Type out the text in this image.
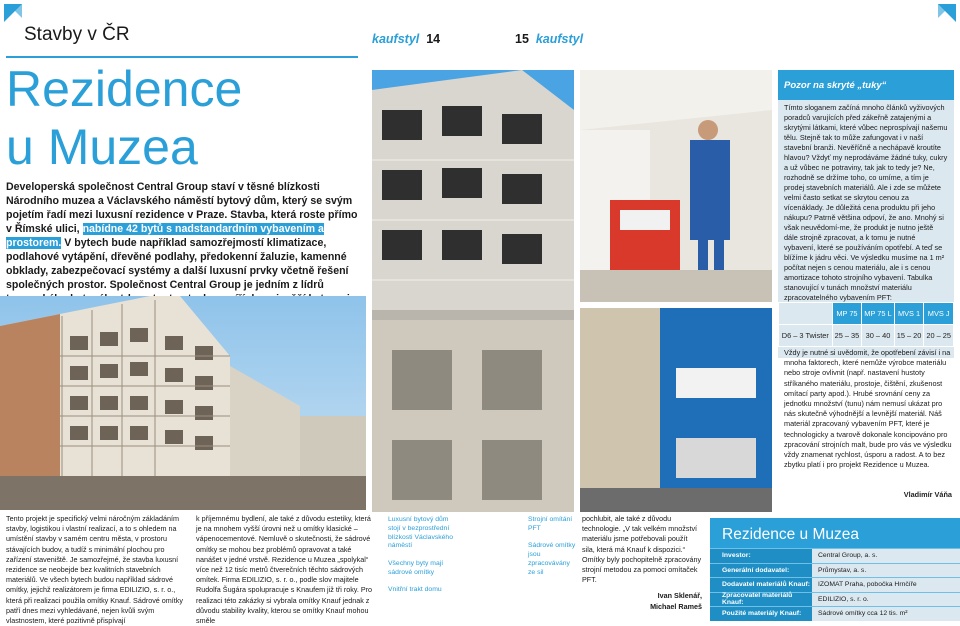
Stavby v ČR	kaufstyl 14	15 kaufstyl
Rezidence
u Muzea
Developerská společnost Central Group staví v těsné blízkosti Národního muzea a Václavského náměstí bytový dům, který se svým pojetím řadí mezi luxusní rezidence v Praze. Stavba, která roste přímo v Římské ulici, nabídne 42 bytů s nadstandardním vybavením a prostorem. V bytech bude například samozřejmostí klimatizace, podlahové vytápění, dřevěné podlahy, předokenní žaluzie, kamenné obklady, zabezpečovací systémy a další luxusní prvky včetně řešení společných prostor. Společnost Central Group je jedním z lídrů
Pozor na skryté „tuky“
Tímto sloganem začíná mnoho článků vyživových poradců varujících před zákeřně zatajenými a skrytými látkami, které vůbec neprospívají našemu tělu. Stejně tak to může zafungovat i v naší stavební branži. Nevěříčně a nechápavě kroutíte hlavou? Vždyť my neprodáváme žádné tuky, cukry a už vůbec ne potraviny, tak jak to tedy je? Ne, rozhodně se držíme toho, co umíme, a tím je prodej stavebních materiálů. Ale i zde se můžete velmi často setkat se skrytou cenou za vícenáklady. Je důležitá cena produktu při jeho nákupu? Patrně většina odpoví, že ano. Mnohý si však neuvědomí-me, že produkt je nutno ještě dále strojně zpracovat, a k tomu je nutné vybavení, které se používáním opotřebí. A teď se blížíme k jádru věci. Ve výsledku musíme na 1 m² počítat nejen s cenou materiálu, ale i s cenou amortizace tohoto strojního vybavení. Tabulka stanovující v tunách množství materiálu zpracovatelného vybavením PFT:
	MP 75	MP 75 L	MVS 1	MVS J
D6 – 3 Twister	25 – 35	30 – 40	15 – 20	20 – 25
Vždy je nutné si uvědomit, že opotřebení závisí i na mnoha faktorech, které nemůže výrobce materiálu nebo stroje ovlivnit (např. nastavení hustoty stříkaného materiálu, prostoje, čištění, zkušenost omítací party apod.). Hrubé srovnání ceny za jednotku množství (tunu) nám nemusí ukázat pro nás skutečně výhodnější a levnější materiál. Náš materiál zpracovaný vybavením PFT, které je technologicky a tvarově dokonale koncipováno pro zpracování strojních malt, bude pro vás ve výsledku vždy znamenat rychlost, úsporu a radost. A to bez zbytku platí i pro projekt Rezidence u Muzea.
Vladimír Váňa
Tento projekt je specifický velmi náročným základáním stavby, logistikou i vlastní realizací, a to s ohledem na umístění stavby v samém centru města, v prostoru stávajících budov, a tudíž s minimální plochou pro zařízení staveniště. Je samozřejmé, že stavba luxusní rezidence se neobejde bez kvalitních stavebních materiálů. Ve všech bytech budou například sádrové omítky, jejichž realizátorem je firma EDILIZIO, s. r. o., která při realizaci použila omítky Knauf. Sádrové omítky patří dnes mezi vyhledávané, nejen kvůli svým vlastnostem, které pozitivně přispívají
k příjemnému bydlení, ale také z důvodu estetiky, která je na mnohem vyšší úrovni než u omítky klasické – vápenocementové. Nemluvě o skutečnosti, že sádrové omítky se mohou bez problémů opravovat a také nanášet v jedné vrstvě. Rezidence u Muzea „spolykal“ více než 12 tisíc metrů čtverečních těchto sádrových omítek. Firma EDILIZIO, s. r. o., podle slov majitele Rudolfa Šugára spolupracuje s Knaufem již tři roky. Pro realizaci této zakázky si vybrala omítky Knauf jednak z důvodu stability kvality, kterou se omítky Knauf mohou směle
Luxusní bytový dům stojí v bezprostřední blízkosti Václavského náměstí

Všechny byty mají sádrové omítky

Vnitřní trakt domu
Strojní omítání PFT

Sádrové omítky jsou zpracovávány ze sil
pochlubit, ale také z důvodu technologie. „V tak velkém množství materiálu jsme potřebovali použít sila, která má Knauf k dispozici.“ Omítky byly pochopitelně zpracovány strojní metodou za pomoci omítaček PFT.
Ivan Sklenář,
Michael Rameš
Rezidence u Muzea
Investor:	Central Group, a. s.
Generální dodavatel:	Průmystav, a. s.
Dodavatel materiálů Knauf:	IZOMAT Praha, pobočka Hrnčíře
Zpracovatel materiálů Knauf:	EDILIZIO, s. r. o.
Použité materiály Knauf:	Sádrové omítky cca 12 tis. m²
